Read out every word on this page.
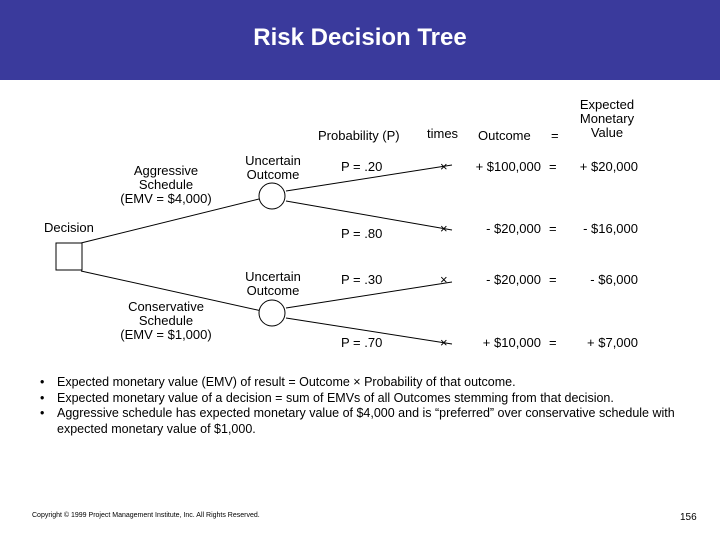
Risk Decision Tree
Probability (P) times Outcome =
Expected
Monetary
Value
Decision
Aggressive
Schedule
(EMV = $4,000)
Uncertain
Outcome
Conservative
Schedule
(EMV = $1,000)
Uncertain
Outcome
P = .20	×	+ $100,000 =	+ $20,000
P = .80	×	- $20,000 =	- $16,000
P = .30	×	- $20,000 =	- $6,000
P = .70	×	+ $10,000 =	+ $7,000
• Expected monetary value (EMV) of result = Outcome × Probability of that outcome.
• Expected monetary value of a decision = sum of EMVs of all Outcomes stemming from that decision.
• Aggressive schedule has expected monetary value of $4,000 and is “preferred” over conservative schedule with expected monetary value of $1,000.
Copyright © 1999 Project Management Institute, Inc. All Rights Reserved.	156
